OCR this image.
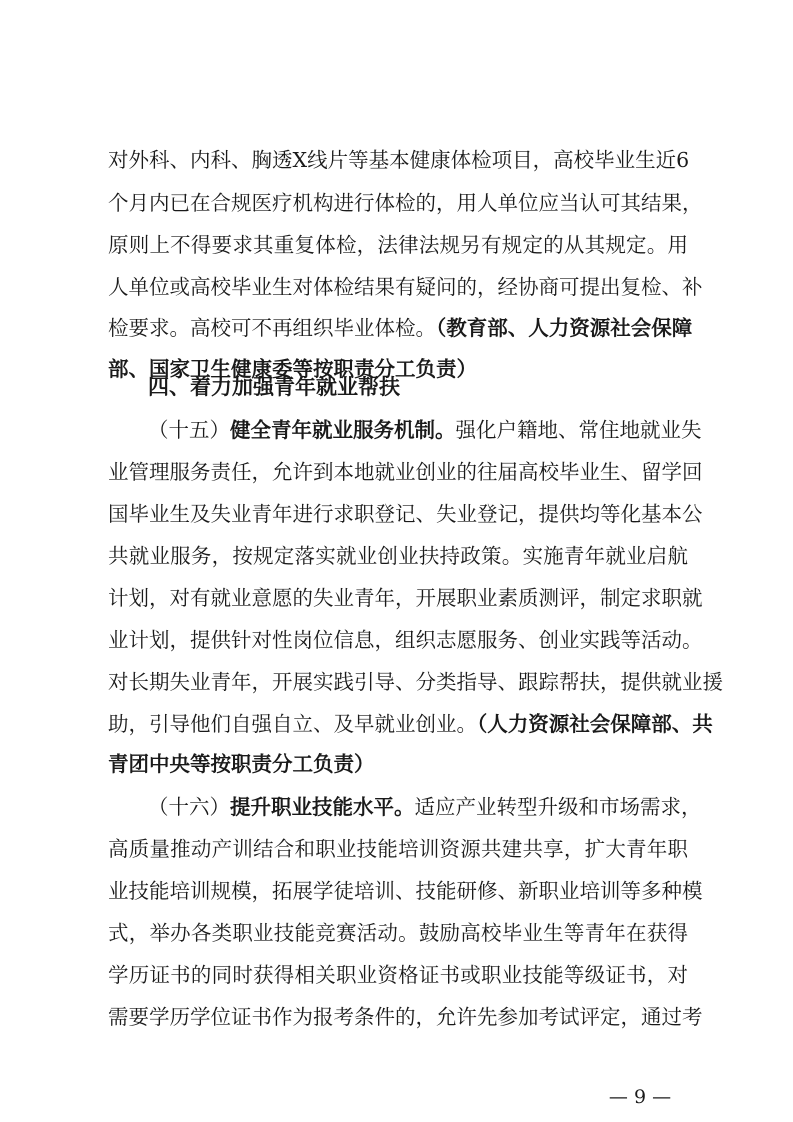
对外科、内科、胸透X线片等基本健康体检项目，高校毕业生近6
个月内已在合规医疗机构进行体检的，用人单位应当认可其结果，
原则上不得要求其重复体检，法律法规另有规定的从其规定。用
人单位或高校毕业生对体检结果有疑问的，经协商可提出复检、补
检要求。高校可不再组织毕业体检。（教育部、人力资源社会保障
部、国家卫生健康委等按职责分工负责）
四、着力加强青年就业帮扶
（十五）健全青年就业服务机制。强化户籍地、常住地就业失
业管理服务责任，允许到本地就业创业的往届高校毕业生、留学回
国毕业生及失业青年进行求职登记、失业登记，提供均等化基本公
共就业服务，按规定落实就业创业扶持政策。实施青年就业启航
计划，对有就业意愿的失业青年，开展职业素质测评，制定求职就
业计划，提供针对性岗位信息，组织志愿服务、创业实践等活动。
对长期失业青年，开展实践引导、分类指导、跟踪帮扶，提供就业援
助，引导他们自强自立、及早就业创业。（人力资源社会保障部、共
青团中央等按职责分工负责）
（十六）提升职业技能水平。适应产业转型升级和市场需求，
高质量推动产训结合和职业技能培训资源共建共享，扩大青年职
业技能培训规模，拓展学徒培训、技能研修、新职业培训等多种模
式，举办各类职业技能竞赛活动。鼓励高校毕业生等青年在获得
学历证书的同时获得相关职业资格证书或职业技能等级证书，对
需要学历学位证书作为报考条件的，允许先参加考试评定，通过考
— 9 —
